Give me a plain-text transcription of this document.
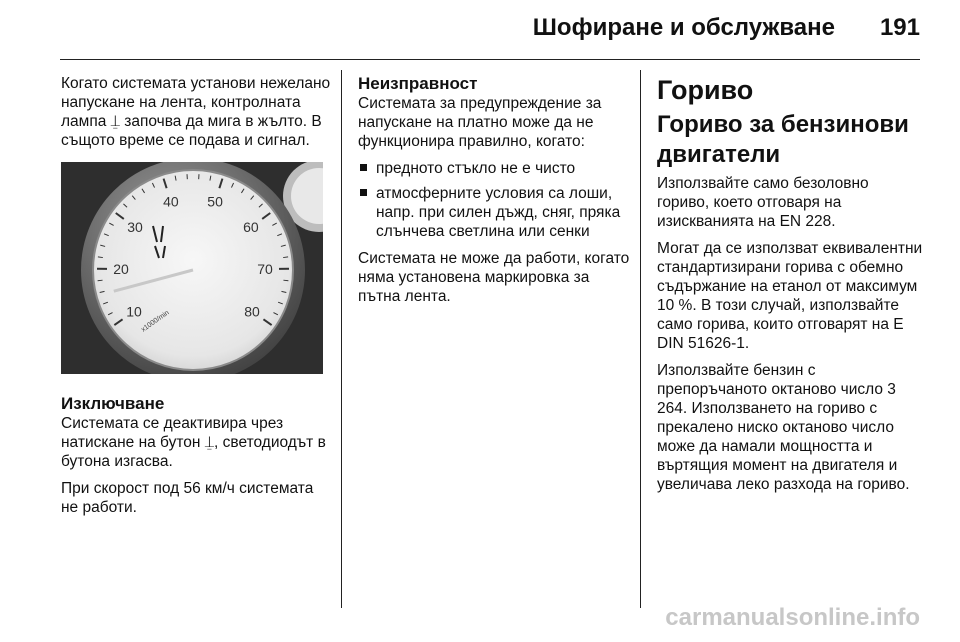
Шофиране и обслужване 191

Когато системата установи нежелано напускане на лента, контролната лампа ⍊ започва да мига в жълто. В същото време се подава и сигнал.

10
20
30
40 50
60
70
80
x1000/min
Изключване

Системата се деактивира чрез натискане на бутон ⍊, светодиодът в бутона изгасва.

При скорост под 56 км/ч системата не работи.

Неизправност

Системата за предупреждение за напускане на платно може да не функционира правилно, когато:

предното стъкло не е чисто
атмосферните условия са лоши, напр. при силен дъжд, сняг, пряка слънчева светлина или сенки

Системата не може да работи, когато няма установена маркировка за пътна лента.

Гориво
Гориво за бензинови двигатели

Използвайте само безоловно гориво, което отговаря на изискванията на EN 228.

Могат да се използват еквивалентни стандартизирани горива с обемно съдържание на етанол от максимум 10 %. В този случай, използвайте само горива, които отговарят на E DIN 51626-1.

Използвайте бензин с препоръчаното октаново число 3 264. Използването на гориво с прекалено ниско октаново число може да намали мощността и въртящия момент на двигателя и увеличава леко разхода на гориво.

carmanualsonline.info
